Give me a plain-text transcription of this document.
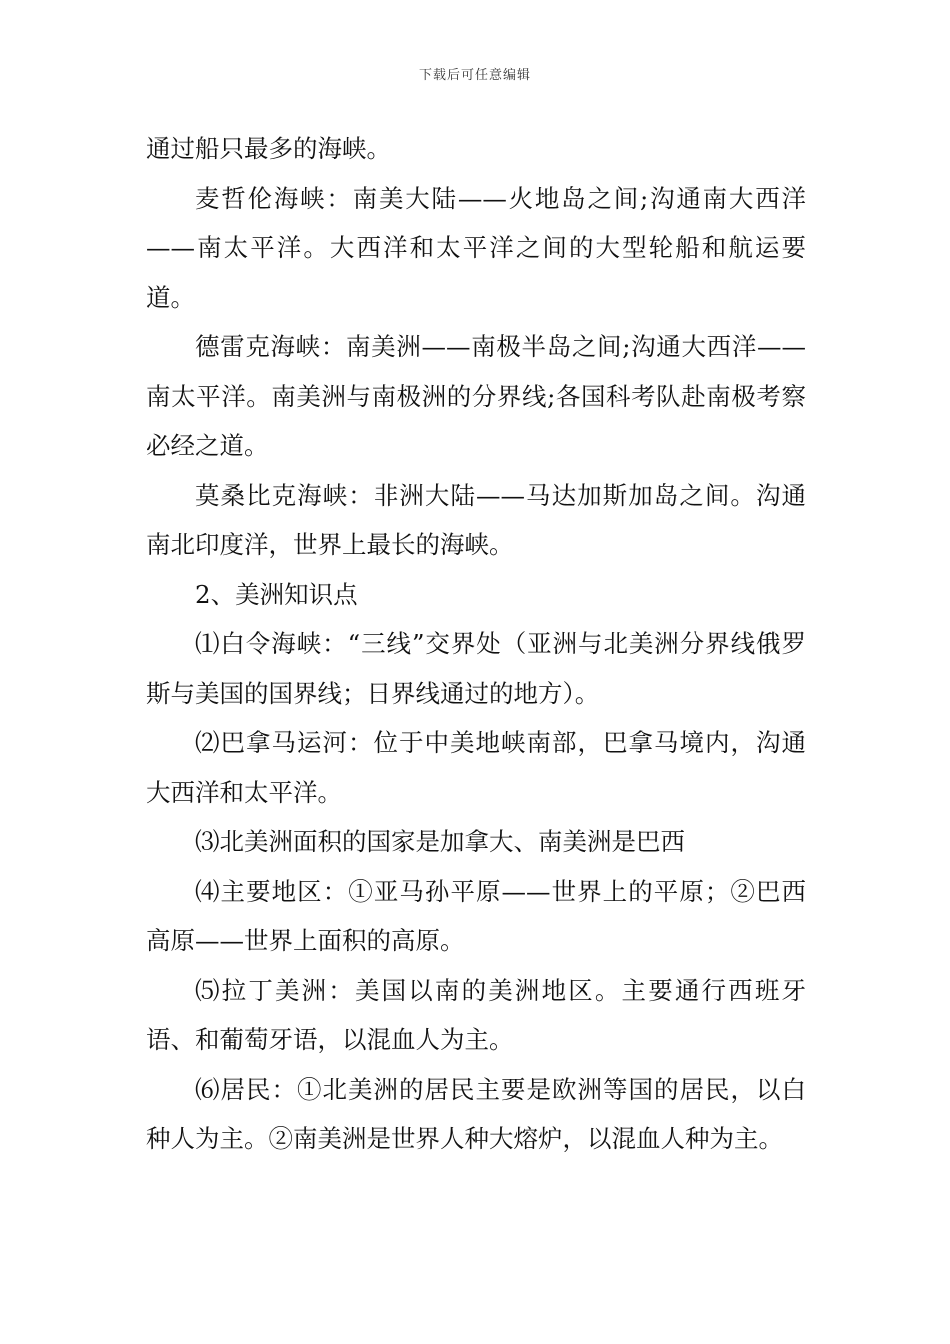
下载后可任意编辑

通过船只最多的海峡。

麦哲伦海峡：南美大陆——火地岛之间;沟通南大西洋——南太平洋。大西洋和太平洋之间的大型轮船和航运要道。

德雷克海峡：南美洲——南极半岛之间;沟通大西洋——南太平洋。南美洲与南极洲的分界线;各国科考队赴南极考察必经之道。

莫桑比克海峡：非洲大陆——马达加斯加岛之间。沟通南北印度洋，世界上最长的海峡。

2、美洲知识点

⑴白令海峡：“三线”交界处（亚洲与北美洲分界线俄罗斯与美国的国界线；日界线通过的地方）。

⑵巴拿马运河：位于中美地峡南部，巴拿马境内，沟通大西洋和太平洋。

⑶北美洲面积的国家是加拿大、南美洲是巴西

⑷主要地区：①亚马孙平原——世界上的平原；②巴西高原——世界上面积的高原。

⑸拉丁美洲：美国以南的美洲地区。主要通行西班牙语、和葡萄牙语，以混血人为主。

⑹居民：①北美洲的居民主要是欧洲等国的居民，以白种人为主。②南美洲是世界人种大熔炉，以混血人种为主。
